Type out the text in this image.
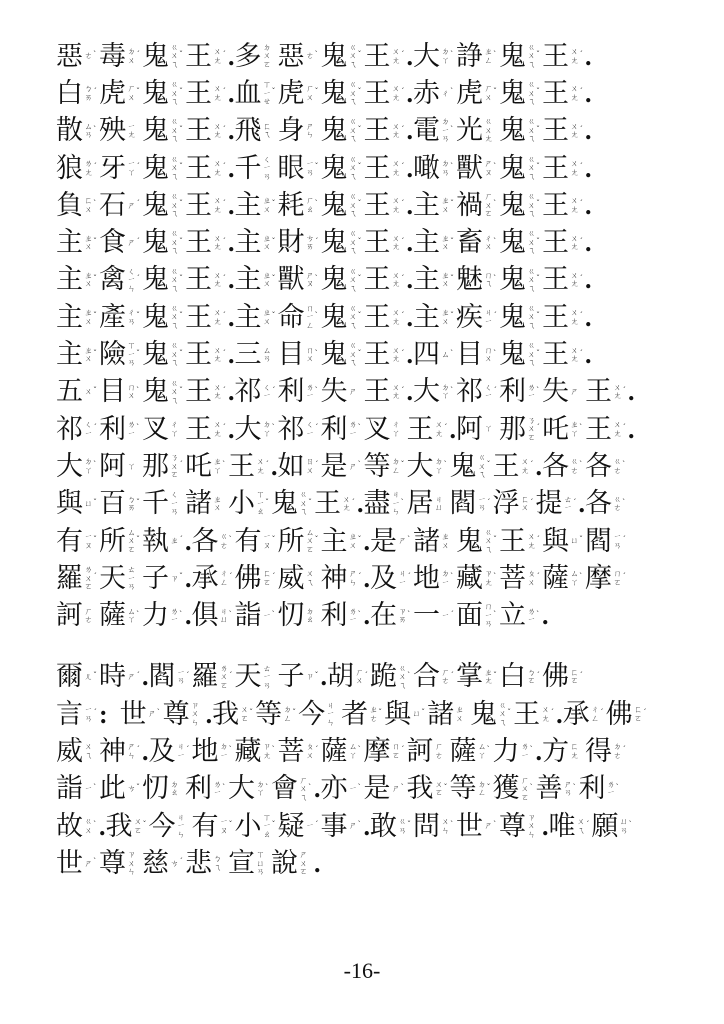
惡 ㄜ ˋ 毒 ㄉ
ㄨ
ˊ 鬼 ㄍ
ㄨ
ㄟ
ˇ 王 ㄨ
ㄤ
ˊ . 多 ㄉ
ㄨ
ㄛ 惡 ㄜ ˋ 鬼 ㄍ
ㄨ
ㄟ
ˇ 王 ㄨ
ㄤ
ˊ . 大 ㄉ
ㄚ
ˋ 諍 ㄓ
ㄥ
ˋ 鬼 ㄍ
ㄨ
ㄟ
ˇ 王 ㄨ
ㄤ
ˊ .
白 ㄅ
ㄞ
ˊ 虎 ㄏ
ㄨ
ˇ 鬼 ㄍ
ㄨ
ㄟ
ˇ 王 ㄨ
ㄤ
ˊ . 血 ㄒ
ㄧ
ㄝ
ˇ 虎 ㄏ
ㄨ
ˇ 鬼 ㄍ
ㄨ
ㄟ
ˇ 王 ㄨ
ㄤ
ˊ . 赤 ㄔ ˋ 虎 ㄏ
ㄨ
ˇ 鬼 ㄍ
ㄨ
ㄟ
ˇ 王 ㄨ
ㄤ
ˊ .
散 ㄙ
ㄢ
ˋ 殃 ㄧ
ㄤ 鬼 ㄍ
ㄨ
ㄟ
ˇ 王 ㄨ
ㄤ
ˊ . 飛 ㄈ
ㄟ 身 ㄕ
ㄣ 鬼 ㄍ
ㄨ
ㄟ
ˇ 王 ㄨ
ㄤ
ˊ . 電 ㄉ
ㄧ
ㄢ
ˋ 光 ㄍ
ㄨ
ㄤ 鬼 ㄍ
ㄨ
ㄟ
ˇ 王 ㄨ
ㄤ
ˊ .
狼 ㄌ
ㄤ
ˊ 牙 ㄧ
ㄚ
ˊ 鬼 ㄍ
ㄨ
ㄟ
ˇ 王 ㄨ
ㄤ
ˊ . 千 ㄑ
ㄧ
ㄢ 眼 ㄧ
ㄢ
ˇ 鬼 ㄍ
ㄨ
ㄟ
ˇ 王 ㄨ
ㄤ
ˊ . 噉 ㄉ
ㄢ
ˋ 獸 ㄕ
ㄡ
ˋ 鬼 ㄍ
ㄨ
ㄟ
ˇ 王 ㄨ
ㄤ
ˊ .
負 ㄈ
ㄨ
ˋ 石 ㄕ ˊ 鬼 ㄍ
ㄨ
ㄟ
ˇ 王 ㄨ
ㄤ
ˊ . 主 ㄓ
ㄨ
ˇ 耗 ㄏ
ㄠ
ˋ 鬼 ㄍ
ㄨ
ㄟ
ˇ 王 ㄨ
ㄤ
ˊ . 主 ㄓ
ㄨ
ˇ 禍 ㄏ
ㄨ
ㄛ
ˋ 鬼 ㄍ
ㄨ
ㄟ
ˇ 王 ㄨ
ㄤ
ˊ .
主 ㄓ
ㄨ
ˇ 食 ㄕ ˊ 鬼 ㄍ
ㄨ
ㄟ
ˇ 王 ㄨ
ㄤ
ˊ . 主 ㄓ
ㄨ
ˇ 財 ㄘ
ㄞ
ˊ 鬼 ㄍ
ㄨ
ㄟ
ˇ 王 ㄨ
ㄤ
ˊ . 主 ㄓ
ㄨ
ˇ 畜 ㄔ
ㄨ
ˋ 鬼 ㄍ
ㄨ
ㄟ
ˇ 王 ㄨ
ㄤ
ˊ .
主 ㄓ
ㄨ
ˇ 禽 ㄑ
ㄧ
ㄣ
ˊ 鬼 ㄍ
ㄨ
ㄟ
ˇ 王 ㄨ
ㄤ
ˊ . 主 ㄓ
ㄨ
ˇ 獸 ㄕ
ㄡ
ˋ 鬼 ㄍ
ㄨ
ㄟ
ˇ 王 ㄨ
ㄤ
ˊ . 主 ㄓ
ㄨ
ˇ 魅 ㄇ
ㄟ
ˋ 鬼 ㄍ
ㄨ
ㄟ
ˇ 王 ㄨ
ㄤ
ˊ .
主 ㄓ
ㄨ
ˇ 產 ㄔ
ㄢ
ˇ 鬼 ㄍ
ㄨ
ㄟ
ˇ 王 ㄨ
ㄤ
ˊ . 主 ㄓ
ㄨ
ˇ 命 ㄇ
ㄧ
ㄥ
ˋ 鬼 ㄍ
ㄨ
ㄟ
ˇ 王 ㄨ
ㄤ
ˊ . 主 ㄓ
ㄨ
ˇ 疾 ㄐ
ㄧ
ˊ 鬼 ㄍ
ㄨ
ㄟ
ˇ 王 ㄨ
ㄤ
ˊ .
主 ㄓ
ㄨ
ˇ 險 ㄒ
ㄧ
ㄢ
ˇ 鬼 ㄍ
ㄨ
ㄟ
ˇ 王 ㄨ
ㄤ
ˊ . 三 ㄙ
ㄢ 目 ㄇ
ㄨ
ˋ 鬼 ㄍ
ㄨ
ㄟ
ˇ 王 ㄨ
ㄤ
ˊ . 四 ㄙ ˋ 目 ㄇ
ㄨ
ˋ 鬼 ㄍ
ㄨ
ㄟ
ˇ 王 ㄨ
ㄤ
ˊ .
五 ㄨ ˇ 目 ㄇ
ㄨ
ˋ 鬼 ㄍ
ㄨ
ㄟ
ˇ 王 ㄨ
ㄤ
ˊ . 祁 ㄑ
ㄧ
ˊ 利 ㄌ
ㄧ
ˋ 失 ㄕ 王 ㄨ
ㄤ
ˊ . 大 ㄉ
ㄚ
ˋ 祁 ㄑ
ㄧ
ˊ 利 ㄌ
ㄧ
ˋ 失 ㄕ 王 ㄨ
ㄤ
ˊ .
祁 ㄑ
ㄧ
ˊ 利 ㄌ
ㄧ
ˋ 叉 ㄔ
ㄚ 王 ㄨ
ㄤ
ˊ . 大 ㄉ
ㄚ
ˋ 祁 ㄑ
ㄧ
ˊ 利 ㄌ
ㄧ
ˋ 叉 ㄔ
ㄚ 王 ㄨ
ㄤ
ˊ . 阿 ㄚ 那 ㄋ
ㄨ
ㄛ
ˊ 吒 ㄓ
ㄚ
ˋ 王 ㄨ
ㄤ
ˊ .
大 ㄉ
ㄚ
ˋ 阿 ㄚ 那 ㄋ
ㄨ
ㄛ
ˊ 吒 ㄓ
ㄚ
ˋ 王 ㄨ
ㄤ
ˊ . 如 ㄖ
ㄨ
ˊ 是 ㄕ ˋ 等 ㄉ
ㄥ
ˇ 大 ㄉ
ㄚ
ˋ 鬼 ㄍ
ㄨ
ㄟ
ˇ 王 ㄨ
ㄤ
ˊ . 各 ㄍ
ㄜ
ˋ 各 ㄍ
ㄜ
ˋ
與 ㄩ ˇ 百 ㄅ
ㄞ
ˇ 千 ㄑ
ㄧ
ㄢ 諸 ㄓ
ㄨ 小 ㄒ
ㄧ
ㄠ
ˇ 鬼 ㄍ
ㄨ
ㄟ
ˇ 王 ㄨ
ㄤ
ˊ . 盡 ㄐ
ㄧ
ㄣ
ˋ 居 ㄐ
ㄩ 閻 ㄧ
ㄢ
ˊ 浮 ㄈ
ㄨ
ˊ 提 ㄊ
ㄧ
ˊ . 各 ㄍ
ㄜ
ˋ
有 ㄧ
ㄡ
ˇ 所 ㄙ
ㄨ
ㄛ
ˇ 執 ㄓ ˊ . 各 ㄍ
ㄜ
ˋ 有 ㄧ
ㄡ
ˇ 所 ㄙ
ㄨ
ㄛ
ˇ 主 ㄓ
ㄨ
ˇ . 是 ㄕ ˋ 諸 ㄓ
ㄨ 鬼 ㄍ
ㄨ
ㄟ
ˇ 王 ㄨ
ㄤ
ˊ 與 ㄩ ˇ 閻 ㄧ
ㄢ
ˊ
羅 ㄌ
ㄨ
ㄛ
ˊ 天 ㄊ
ㄧ
ㄢ 子 ㄗ ˇ . 承 ㄔ
ㄥ
ˊ 佛 ㄈ
ㄛ
ˊ 威 ㄨ
ㄟ 神 ㄕ
ㄣ
ˊ . 及 ㄐ
ㄧ
ˊ 地 ㄉ
ㄧ
ˋ 藏 ㄗ
ㄤ
ˋ 菩 ㄆ
ㄨ
ˊ 薩 ㄙ
ㄚ
ˋ 摩 ㄇ
ㄛ
ˊ
訶 ㄏ
ㄜ 薩 ㄙ
ㄚ
ˋ 力 ㄌ
ㄧ
ˋ . 俱 ㄐ
ㄩ
ˋ 詣 ㄧ ˋ 忉 ㄉ
ㄠ 利 ㄌ
ㄧ
ˋ . 在 ㄗ
ㄞ
ˋ 一 ㄧ ˊ 面 ㄇ
ㄧ
ㄢ
ˋ 立 ㄌ
ㄧ
ˋ .
爾 ㄦ ˇ 時 ㄕ ˊ . 閻 ㄧ
ㄢ
ˊ 羅 ㄌ
ㄨ
ㄛ
ˊ 天 ㄊ
ㄧ
ㄢ 子 ㄗ ˇ . 胡 ㄏ
ㄨ
ˊ 跪 ㄍ
ㄨ
ㄟ
ˋ 合 ㄏ
ㄜ
ˊ 掌 ㄓ
ㄤ
ˇ 白 ㄅ
ㄛ
ˊ 佛 ㄈ
ㄛ
ˊ
言 ㄧ
ㄢ
ˊ : 世 ㄕ ˋ 尊 ㄗ
ㄨ
ㄣ . 我 ㄨ
ㄛ
ˇ 等 ㄉ
ㄥ
ˇ 今 ㄐ
ㄧ
ㄣ 者 ㄓ
ㄜ
ˇ 與 ㄩ ˇ 諸 ㄓ
ㄨ 鬼 ㄍ
ㄨ
ㄟ
ˇ 王 ㄨ
ㄤ
ˊ . 承 ㄔ
ㄥ
ˊ 佛 ㄈ
ㄛ
ˊ
威 ㄨ
ㄟ 神 ㄕ
ㄣ
ˊ . 及 ㄐ
ㄧ
ˊ 地 ㄉ
ㄧ
ˋ 藏 ㄗ
ㄤ
ˋ 菩 ㄆ
ㄨ
ˊ 薩 ㄙ
ㄚ
ˋ 摩 ㄇ
ㄛ
ˊ 訶 ㄏ
ㄜ 薩 ㄙ
ㄚ
ˋ 力 ㄌ
ㄧ
ˋ . 方 ㄈ
ㄤ 得 ㄉ
ㄜ
ˊ
詣 ㄧ ˋ 此 ㄘ ˇ 忉 ㄉ
ㄠ 利 ㄌ
ㄧ
ˋ 大 ㄉ
ㄚ
ˋ 會 ㄏ
ㄨ
ㄟ
ˋ . 亦 ㄧ ˋ 是 ㄕ ˋ 我 ㄨ
ㄛ
ˇ 等 ㄉ
ㄥ
ˇ 獲 ㄏ
ㄨ
ㄛ
ˋ 善 ㄕ
ㄢ
ˋ 利 ㄌ
ㄧ
ˋ
故 ㄍ
ㄨ
ˋ . 我 ㄨ
ㄛ
ˇ 今 ㄐ
ㄧ
ㄣ 有 ㄧ
ㄡ
ˇ 小 ㄒ
ㄧ
ㄠ
ˇ 疑 ㄧ ˊ 事 ㄕ ˋ . 敢 ㄍ
ㄢ
ˇ 問 ㄨ
ㄣ
ˋ 世 ㄕ ˋ 尊 ㄗ
ㄨ
ㄣ . 唯 ㄨ
ㄟ
ˊ 願 ㄩ
ㄢ
ˋ
世 ㄕ ˋ 尊 ㄗ
ㄨ
ㄣ 慈 ㄘ ˊ 悲 ㄅ
ㄟ 宣 ㄒ
ㄩ
ㄢ 說 ㄕ
ㄨ
ㄛ .
-16-
